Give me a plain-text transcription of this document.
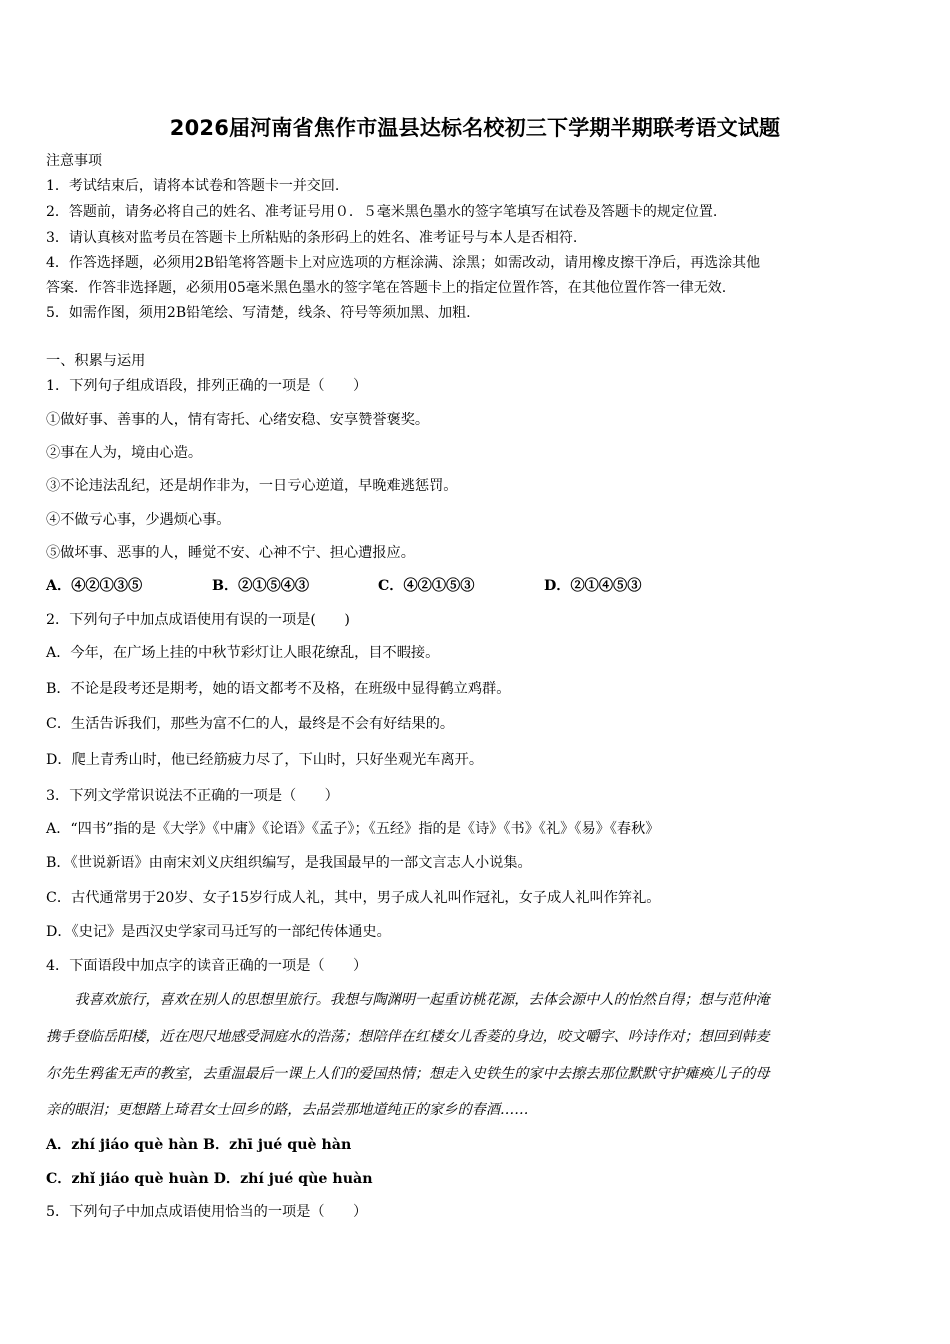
2026届河南省焦作市温县达标名校初三下学期半期联考语文试题
注意事项
1．考试结束后，请将本试卷和答题卡一并交回.
2．答题前，请务必将自己的姓名、准考证号用０．５毫米黑色墨水的签字笔填写在试卷及答题卡的规定位置.
3．请认真核对监考员在答题卡上所粘贴的条形码上的姓名、准考证号与本人是否相符.
4．作答选择题，必须用2B铅笔将答题卡上对应选项的方框涂满、涂黑；如需改动，请用橡皮擦干净后，再选涂其他
答案．作答非选择题，必须用05毫米黑色墨水的签字笔在答题卡上的指定位置作答，在其他位置作答一律无效.
5．如需作图，须用2B铅笔绘、写清楚，线条、符号等须加黑、加粗.
一、积累与运用
1．下列句子组成语段，排列正确的一项是（　　）
①做好事、善事的人，情有寄托、心绪安稳、安享赞誉褒奖。
②事在人为，境由心造。
③不论违法乱纪，还是胡作非为，一日亏心逆道，早晚难逃惩罚。
④不做亏心事，少遇烦心事。
⑤做坏事、恶事的人，睡觉不安、心神不宁、担心遭报应。
A．④②①③⑤	B．②①⑤④③	C．④②①⑤③	D．②①④⑤③
2．下列句子中加点成语使用有误的一项是(　　)
A．今年，在广场上挂的中秋节彩灯让人眼花缭乱，目不暇接。
B．不论是段考还是期考，她的语文都考不及格，在班级中显得鹤立鸡群。
C．生活告诉我们，那些为富不仁的人，最终是不会有好结果的。
D．爬上青秀山时，他已经筋疲力尽了，下山时，只好坐观光车离开。
3．下列文学常识说法不正确的一项是（　　）
A．“四书”指的是《大学》《中庸》《论语》《孟子》；《五经》指的是《诗》《书》《礼》《易》《春秋》
B．《世说新语》由南宋刘义庆组织编写，是我国最早的一部文言志人小说集。
C．古代通常男于20岁、女子15岁行成人礼，其中，男子成人礼叫作冠礼，女子成人礼叫作笄礼。
D．《史记》是西汉史学家司马迁写的一部纪传体通史。
4．下面语段中加点字的读音正确的一项是（　　）
　　我喜欢旅行，喜欢在别人的思想里旅行。我想与陶渊明一起重访桃花源，去体会源中人的怡然自得；想与范仲淹
携手登临岳阳楼，近在咫尺地感受洞庭水的浩荡；想陪伴在红楼女儿香菱的身边，咬文嚼字、吟诗作对；想回到韩麦
尔先生鸦雀无声的教室，去重温最后一课上人们的爱国热情；想走入史铁生的家中去擦去那位默默守护瘫痪儿子的母
亲的眼泪；更想踏上琦君女士回乡的路，去品尝那地道纯正的家乡的春酒……
A．zhí jiáo què hàn B．zhī jué què hàn
C．zhǐ jiáo què huàn D．zhí jué qùe huàn
5．下列句子中加点成语使用恰当的一项是（　　）
